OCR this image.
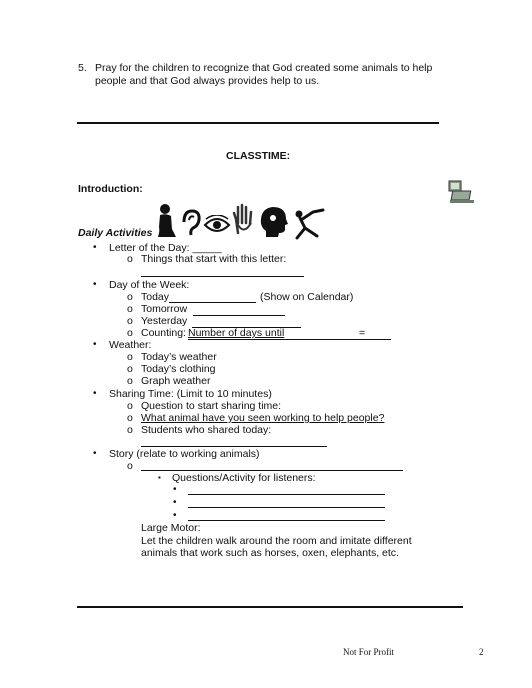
5. Pray for the children to recognize that God created some animals to help
people and that God always provides help to us.
CLASSTIME:
Introduction:
Daily Activities
• Letter of the Day: _____
o Things that start with this letter:
• Day of the Week:
o Today	(Show on Calendar)
o Tomorrow
o Yesterday
o Counting: Number of days until	=
• Weather:
o Today’s weather
o Today’s clothing
o Graph weather
• Sharing Time: (Limit to 10 minutes)
o Question to start sharing time:
o What animal have you seen working to help people?
o Students who shared today:
• Story (relate to working animals)
o
▪ Questions/Activity for listeners:
•
•
•
Large Motor:
Let the children walk around the room and imitate different
animals that work such as horses, oxen, elephants, etc.
Not For Profit	2
